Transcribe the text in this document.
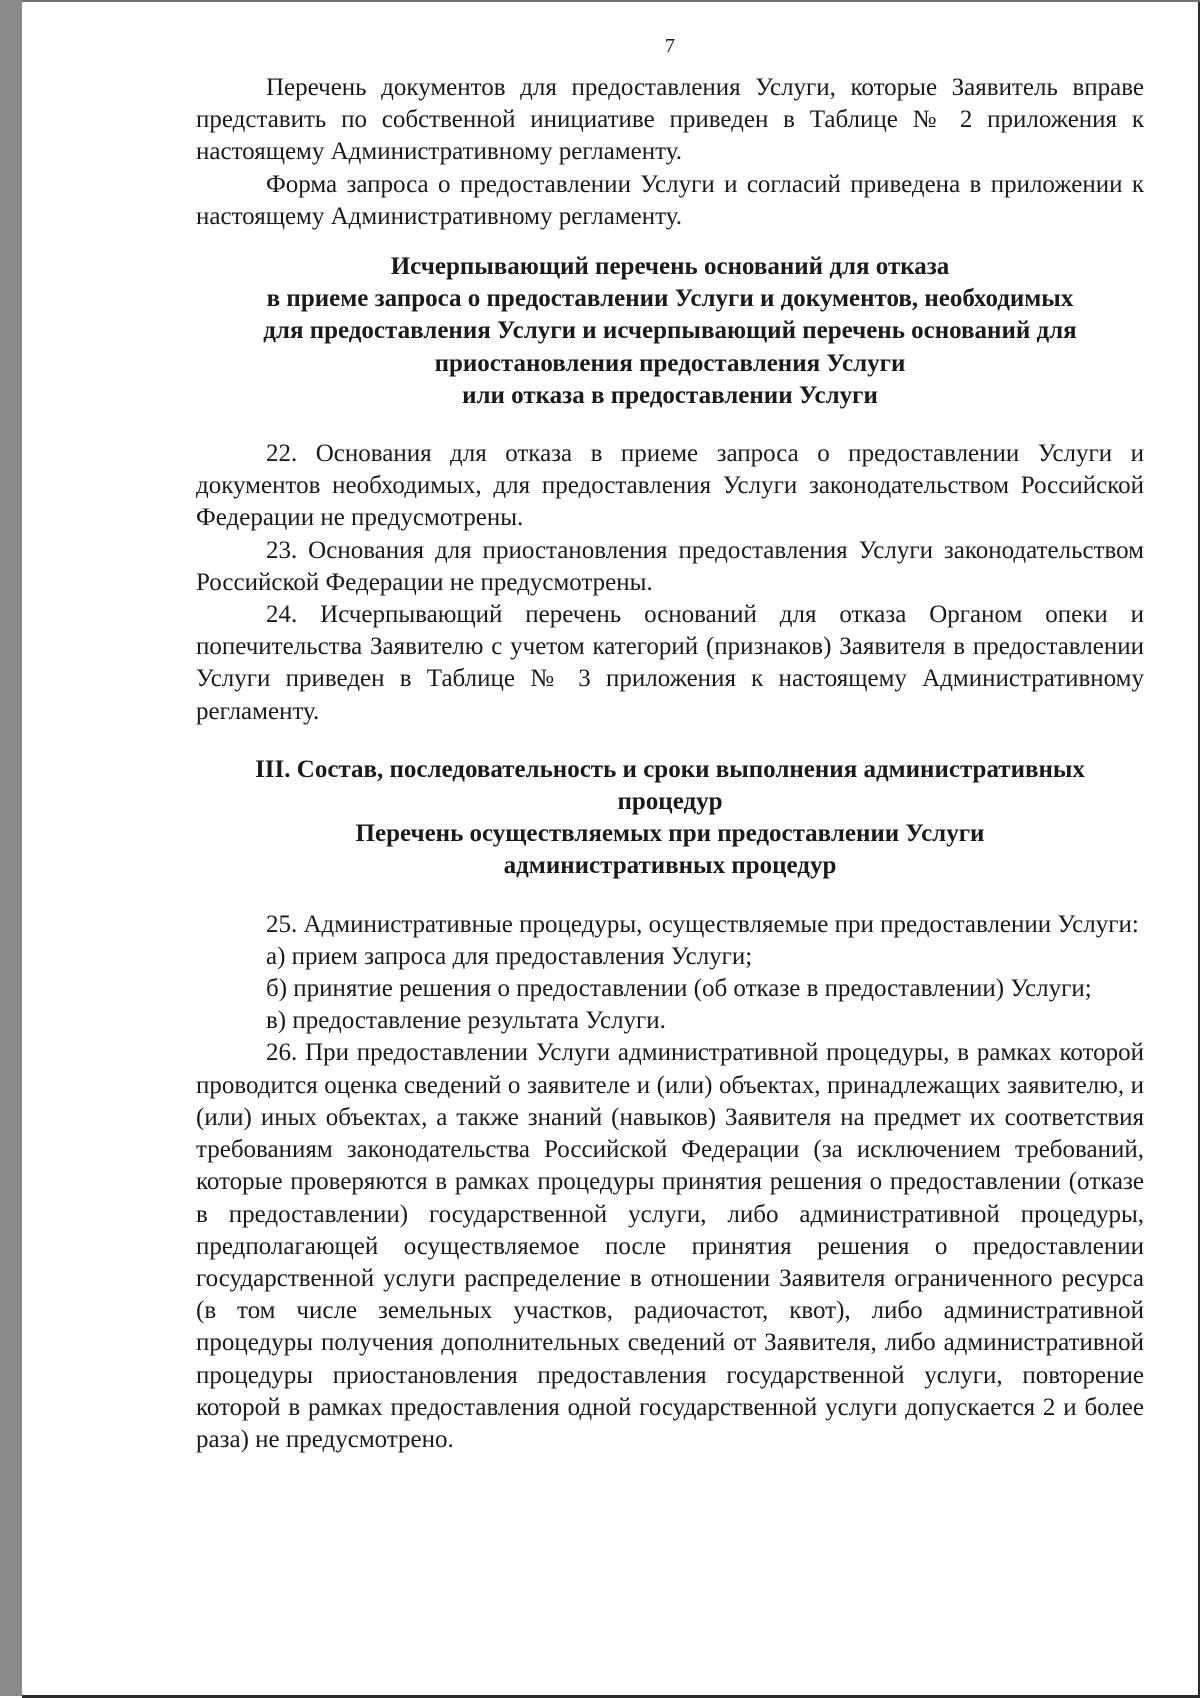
7

Перечень документов для предоставления Услуги, которые Заявитель вправе представить по собственной инициативе приведен в Таблице № 2 приложения к настоящему Административному регламенту.

Форма запроса о предоставлении Услуги и согласий приведена в приложении к настоящему Административному регламенту.

Исчерпывающий перечень оснований для отказа
в приеме запроса о предоставлении Услуги и документов, необходимых
для предоставления Услуги и исчерпывающий перечень оснований для
приостановления предоставления Услуги
или отказа в предоставлении Услуги

22. Основания для отказа в приеме запроса о предоставлении Услуги и документов необходимых, для предоставления Услуги законодательством Российской Федерации не предусмотрены.

23. Основания для приостановления предоставления Услуги законодательством Российской Федерации не предусмотрены.

24. Исчерпывающий перечень оснований для отказа Органом опеки и попечительства Заявителю с учетом категорий (признаков) Заявителя в предоставлении Услуги приведен в Таблице № 3 приложения к настоящему Административному регламенту.

III. Состав, последовательность и сроки выполнения административных
процедур
Перечень осуществляемых при предоставлении Услуги
административных процедур

25. Административные процедуры, осуществляемые при предоставлении Услуги:

а) прием запроса для предоставления Услуги;

б) принятие решения о предоставлении (об отказе в предоставлении) Услуги;

в) предоставление результата Услуги.

26. При предоставлении Услуги административной процедуры, в рамках которой проводится оценка сведений о заявителе и (или) объектах, принадлежащих заявителю, и (или) иных объектах, а также знаний (навыков) Заявителя на предмет их соответствия требованиям законодательства Российской Федерации (за исключением требований, которые проверяются в рамках процедуры принятия решения о предоставлении (отказе в предоставлении) государственной услуги, либо административной процедуры, предполагающей осуществляемое после принятия решения о предоставлении государственной услуги распределение в отношении Заявителя ограниченного ресурса (в том числе земельных участков, радиочастот, квот), либо административной процедуры получения дополнительных сведений от Заявителя, либо административной процедуры приостановления предоставления государственной услуги, повторение которой в рамках предоставления одной государственной услуги допускается 2 и более раза) не предусмотрено.
